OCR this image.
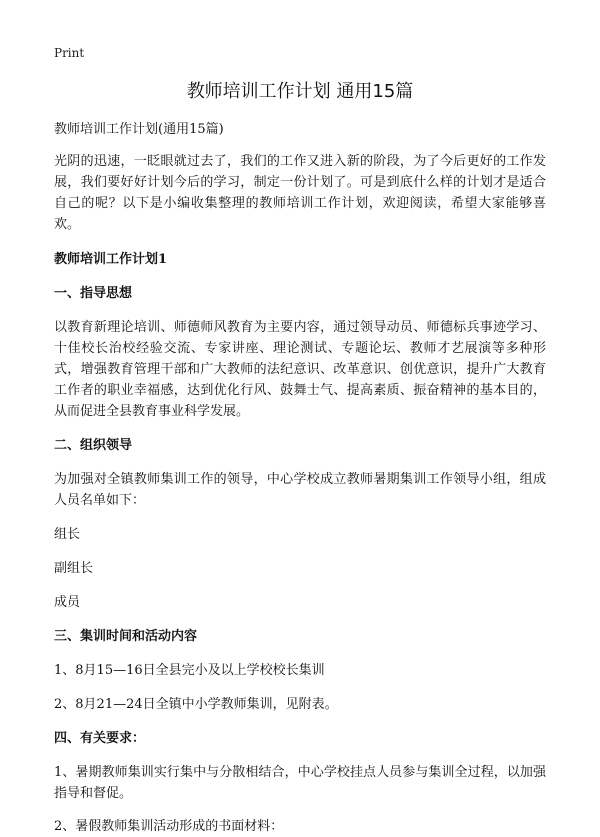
Print
教师培训工作计划 通用15篇

教师培训工作计划(通用15篇)

光阴的迅速，一眨眼就过去了，我们的工作又进入新的阶段，为了今后更好的工作发展，我们要好好计划今后的学习，制定一份计划了。可是到底什么样的计划才是适合自己的呢？以下是小编收集整理的教师培训工作计划，欢迎阅读，希望大家能够喜欢。

教师培训工作计划1

一、指导思想

以教育新理论培训、师德师风教育为主要内容，通过领导动员、师德标兵事迹学习、十佳校长治校经验交流、专家讲座、理论测试、专题论坛、教师才艺展演等多种形式，增强教育管理干部和广大教师的法纪意识、改革意识、创优意识，提升广大教育工作者的职业幸福感，达到优化行风、鼓舞士气、提高素质、振奋精神的基本目的，从而促进全县教育事业科学发展。

二、组织领导

为加强对全镇教师集训工作的领导，中心学校成立教师暑期集训工作领导小组，组成人员名单如下：

组长

副组长

成员

三、集训时间和活动内容

1、8月15—16日全县完小及以上学校校长集训

2、8月21—24日全镇中小学教师集训，见附表。

四、有关要求：

1、暑期教师集训实行集中与分散相结合，中心学校挂点人员参与集训全过程，以加强指导和督促。

2、暑假教师集训活动形成的书面材料：
